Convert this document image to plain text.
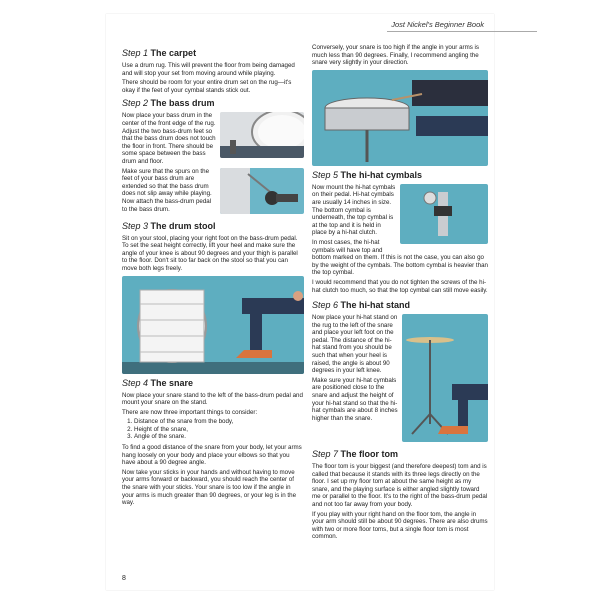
Jost Nickel's Beginner Book
Step 1 The carpet

Use a drum rug. This will prevent the floor from being damaged and will stop your set from moving around while playing.

There should be room for your entire drum set on the rug—it's okay if the feet of your cymbal stands stick out.

Step 2 The bass drum

Now place your bass drum in the center of the front edge of the rug. Adjust the two bass-drum feet so that the bass drum does not touch the floor in front. There should be some space between the bass drum and floor.

Make sure that the spurs on the feet of your bass drum are extended so that the bass drum does not slip away while playing. Now attach the bass-drum pedal to the bass drum.

Step 3 The drum stool

Sit on your stool, placing your right foot on the bass-drum pedal. To set the seat height correctly, lift your heel and make sure the angle of your knee is about 90 degrees and your thigh is parallel to the floor. Don't sit too far back on the stool so that you can move both legs freely.

Step 4 The snare

Now place your snare stand to the left of the bass-drum pedal and mount your snare on the stand.

There are now three important things to consider:

1. Distance of the snare from the body,
2. Height of the snare,
3. Angle of the snare.

To find a good distance of the snare from your body, let your arms hang loosely on your body and place your elbows so that you have about a 90 degree angle.

Now take your sticks in your hands and without having to move your arms forward or backward, you should reach the center of the snare with your sticks. Your snare is too low if the angle in your arms is much greater than 90 degrees, or your leg is in the way.

Conversely, your snare is too high if the angle in your arms is much less than 90 degrees. Finally, I recommend angling the snare very slightly in your direction.

Step 5 The hi-hat cymbals

Now mount the hi-hat cymbals on their pedal. Hi-hat cymbals are usually 14 inches in size. The bottom cymbal is underneath, the top cymbal is at the top and it is held in place by a hi-hat clutch.

In most cases, the hi-hat cymbals will have top and bottom marked on them. If this is not the case, you can also go by the weight of the cymbals. The bottom cymbal is heavier than the top cymbal.

I would recommend that you do not tighten the screws of the hi-hat clutch too much, so that the top cymbal can still move easily.

Step 6 The hi-hat stand

Now place your hi-hat stand on the rug to the left of the snare and place your left foot on the pedal. The distance of the hi-hat stand from you should be such that when your heel is raised, the angle is about 90 degrees in your left knee.

Make sure your hi-hat cymbals are positioned close to the snare and adjust the height of your hi-hat stand so that the hi-hat cymbals are about 8 inches higher than the snare.

Step 7 The floor tom

The floor tom is your biggest (and therefore deepest) tom and is called that because it stands with its three legs directly on the floor. I set up my floor tom at about the same height as my snare, and the playing surface is either angled slightly toward me or parallel to the floor. It's to the right of the bass-drum pedal and not too far away from your body.

If you play with your right hand on the floor tom, the angle in your arm should still be about 90 degrees. There are also drums with two or more floor toms, but a single floor tom is most common.

8
